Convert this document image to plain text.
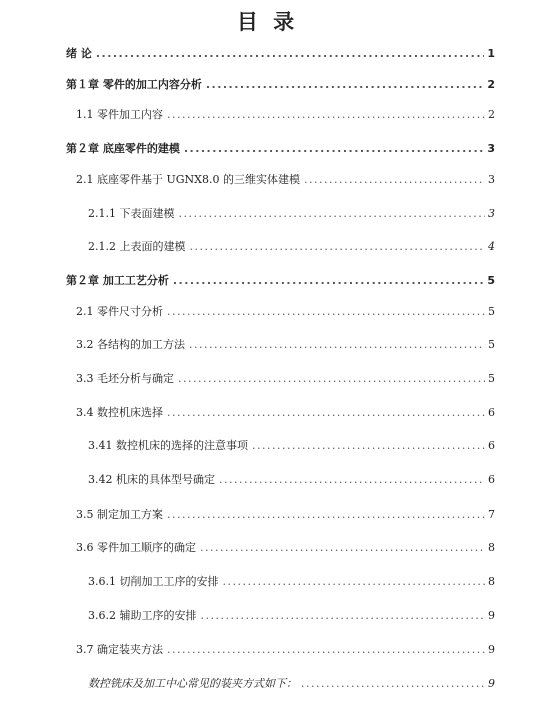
目 录
绪 论 .....	1
第１章 零件的加工内容分析 .....	2
1.1 零件加工内容 .....	2
第２章 底座零件的建模 .....	3
2.1 底座零件基于 UGNX8.0 的三维实体建模 .....	3
2.1.1 下表面建模 .....	3
2.1.2 上表面的建模 .....	4
第２章 加工工艺分析 .....	5
2.1 零件尺寸分析 .....	5
3.2 各结构的加工方法 .....	5
3.3 毛坯分析与确定 .....	5
3.4 数控机床选择 .....	6
3.41 数控机床的选择的注意事项 .....	6
3.42 机床的具体型号确定 .....	6
3.5 制定加工方案 .....	7
3.6 零件加工顺序的确定 .....	8
3.6.1 切削加工工序的安排 .....	8
3.6.2 辅助工序的安排 .....	9
3.7 确定装夹方法 .....	9
数控铣床及加工中心常见的装夹方式如下： .....	9
